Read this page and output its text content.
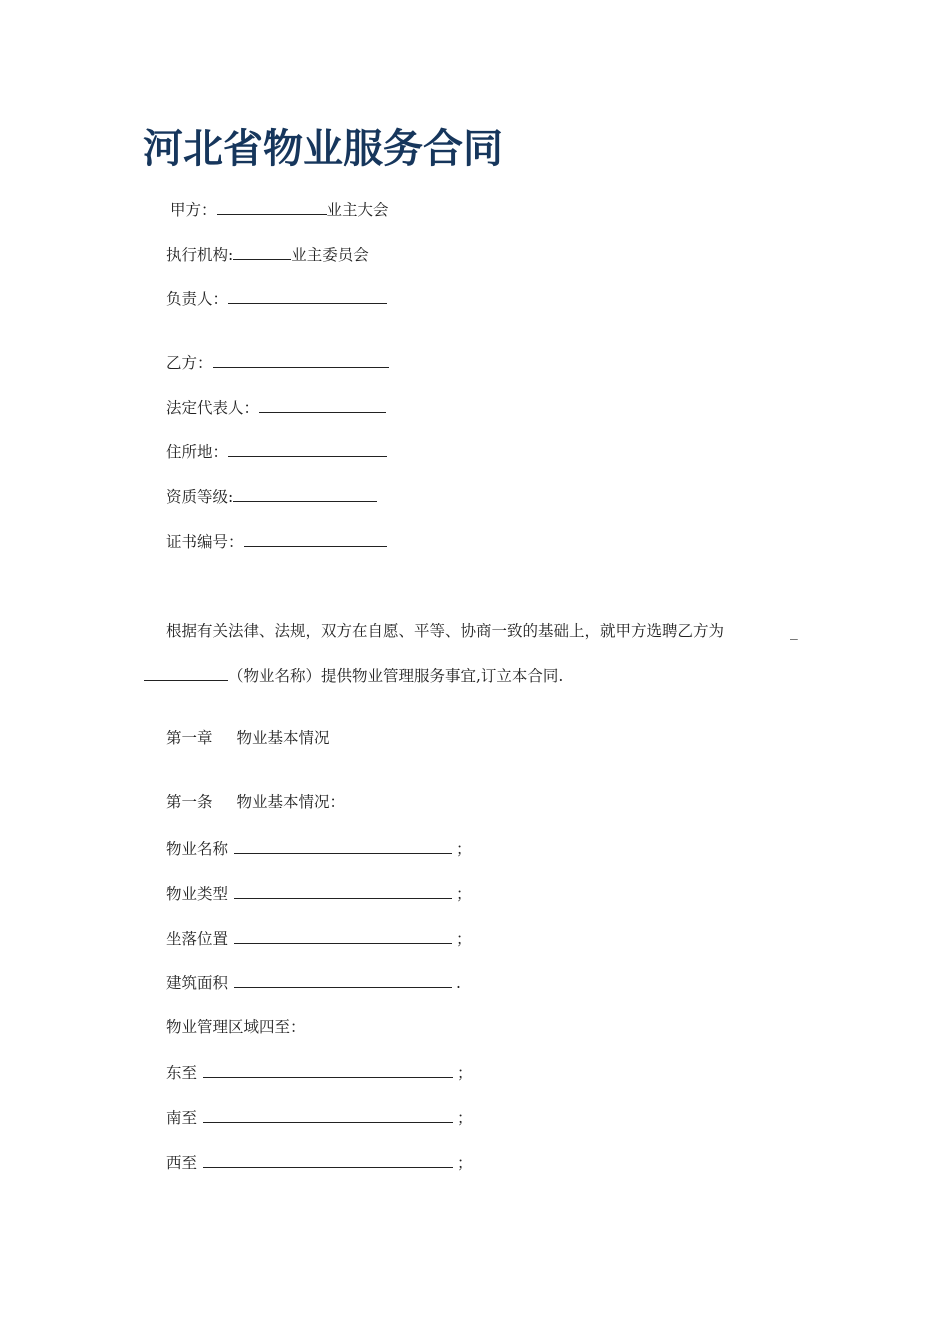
河北省物业服务合同
甲方：	业主大会
执行机构:	业主委员会
负责人：
乙方：
法定代表人：
住所地：
资质等级:
证书编号：
根据有关法律、法规，双方在自愿、平等、协商一致的基础上，就甲方选聘乙方为	_
（物业名称）提供物业管理服务事宜,订立本合同.
第一章 物业基本情况
第一条 物业基本情况：
物业名称	；
物业类型	；
坐落位置	；
建筑面积	.
物业管理区域四至：
东至	；
南至	；
西至	；
